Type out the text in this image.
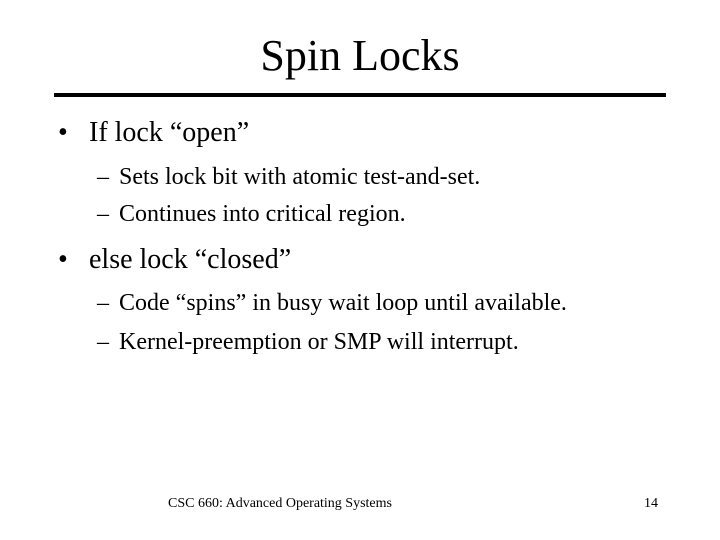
Spin Locks
• If lock “open”
– Sets lock bit with atomic test-and-set.
– Continues into critical region.
• else lock “closed”
– Code “spins” in busy wait loop until available.
– Kernel-preemption or SMP will interrupt.
CSC 660: Advanced Operating Systems	14
